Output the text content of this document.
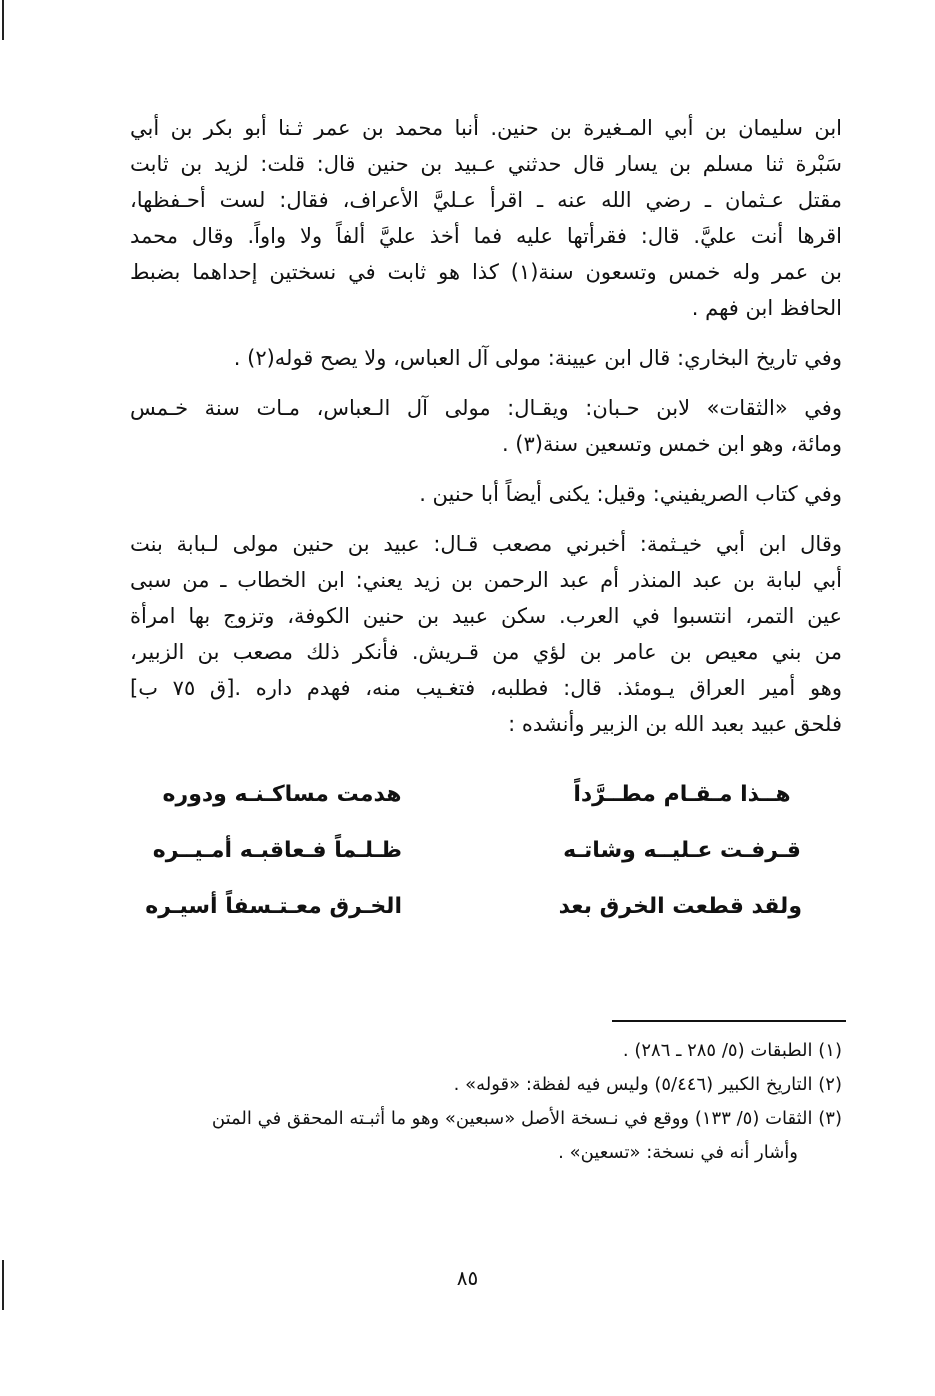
ابن سليمان بن أبي المـغيرة بن حنين. أنبا محمد بن عمر ثـنا أبو بكر بن أبي
سَبْرة ثنا مسلم بن يسار قال حدثني عـبيد بن حنين قال: قلت: لزيد بن ثابت
مقتل عـثمان ـ رضي الله عنه ـ اقرأ عـليَّ الأعراف، فقال: لست أحـفظها،
اقرها أنت عليَّ. قال: فقرأتها عليه فما أخذ عليَّ ألفاً ولا واواً. وقال محمد
بن عمر وله خمس وتسعون سنة(١) كذا هو ثابت في نسختين إحداهما بضبط
الحافظ ابن فهم .
وفي تاريخ البخاري: قال ابن عيينة: مولى آل العباس، ولا يصح قوله(٢) .
وفي «الثقات» لابن حـبان: ويقـال: مولى آل الـعباس، مـات سنة خـمس
ومائة، وهو ابن خمس وتسعين سنة(٣) .
وفي كتاب الصريفيني: وقيل: يكنى أيضاً أبا حنين .
وقال ابن أبي خيـثمة: أخبرني مصعب قـال: عبيد بن حنين مولى لـبابة بنت
أبي لبابة بن عبد المنذر أم عبد الرحمن بن زيد يعني: ابن الخطاب ـ من سبى
عين التمر، انتسبوا في العرب. سكن عبيد بن حنين الكوفة، وتزوج بها امرأة
من بني معيص بن عامر بن لؤي من قـريش. فأنكر ذلك مصعب بن الزبير،
وهو أمير العراق يـومئذ. قال: فطلبه، فتغـيب منه، فهدم داره .[ق ٧٥ ب]
فلحق عبيد بعبد الله بن الزبير وأنشده :
هــذا مـقـام مطــرَّداً
هدمت مساكـنـه ودوره
قـرفـت عـليــه وشاتـه
ظـلـماً فـعاقبـه أمـيــره
ولقد قطعت الخرق بعد
الخـرق معـتـسفاً أسيـره

(١) الطبقات (٥/ ٢٨٥ ـ ٢٨٦) .

(٢) التاريخ الكبير (٥/٤٤٦) وليس فيه لفظة: «قوله» .

(٣) الثقات (٥/ ١٣٣) ووقع في نـسخة الأصل «سبعين» وهو ما أثبـته المحقق في المتن

وأشار أنه في نسخة: «تسعين» .

٨٥
